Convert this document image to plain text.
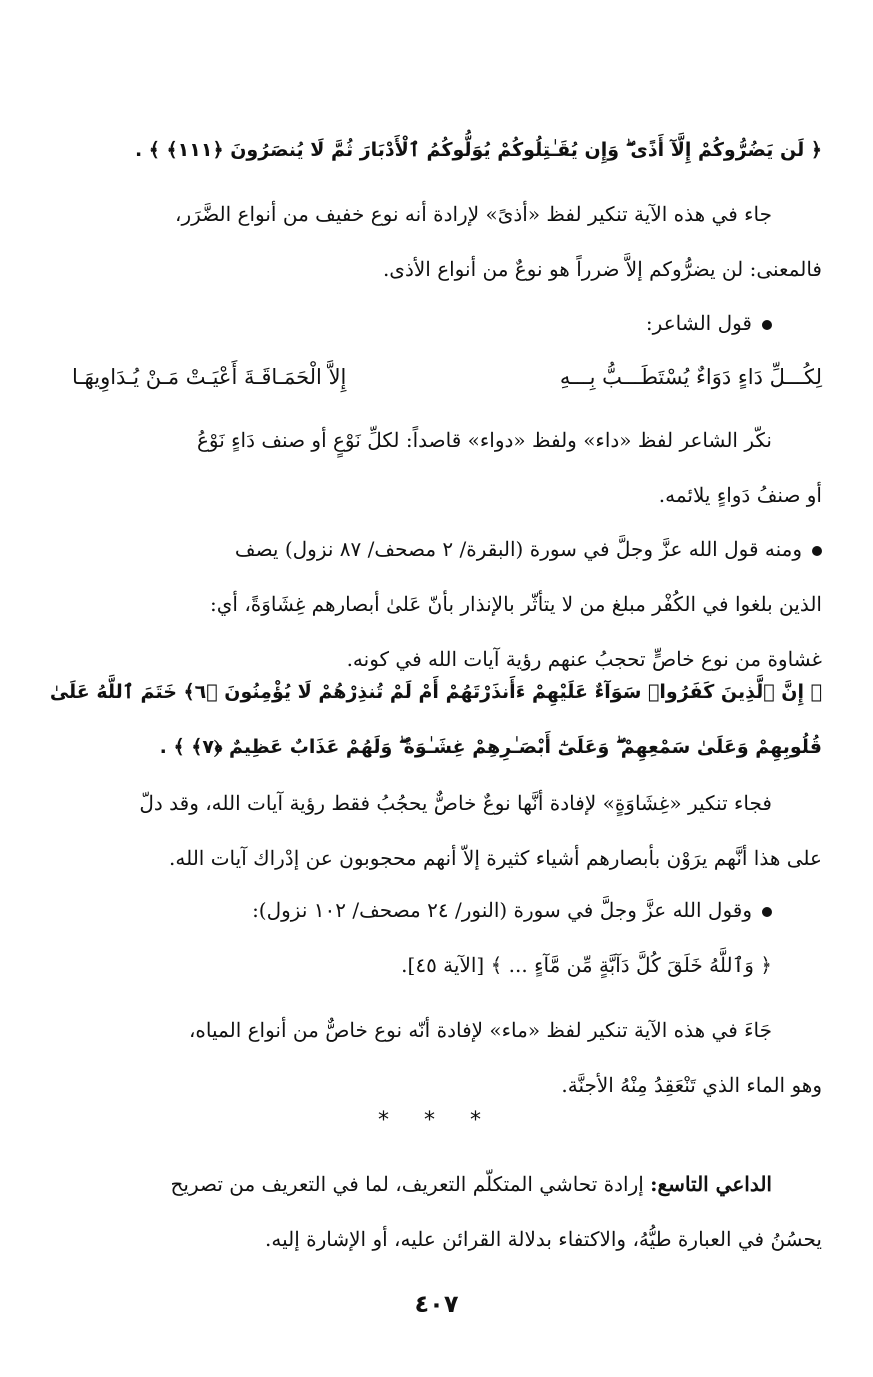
﴿ لَن يَضُرُّوكُمْ إِلَّآ أَذًى ۖ وَإِن يُقَـٰتِلُوكُمْ يُوَلُّوكُمُ ٱلْأَدْبَارَ ثُمَّ لَا يُنصَرُونَ ﴿١١١﴾ ﴾ .
جاء في هذه الآية تنكير لفظ «أذىً» لإرادة أنه نوع خفيف من أنواع الضَّرَر،
فالمعنى: لن يضرُّوكم إلاَّ ضرراً هو نوعٌ من أنواع الأذى.
قول الشاعر:
لِكُـــلِّ دَاءٍ دَوَاءٌ يُسْتَطَـــبُّ بِـــهِ
إِلاَّ الْحَمَـاقَـةَ أَعْيَـتْ مَـنْ يُـدَاوِيهَـا
نكّر الشاعر لفظ «داء» ولفظ «دواء» قاصداً: لكلِّ نَوْعٍ أو صنف دَاءٍ نَوْعُ
أو صنفُ دَواءٍ يلائمه.
ومنه قول الله عزَّ وجلَّ في سورة (البقرة/ ٢ مصحف/ ٨٧ نزول) يصف
الذين بلغوا في الكُفْر مبلغ من لا يتأثّر بالإنذار بأنّ عَلىٰ أبصارهم غِشَاوَةً، أي:
غشاوة من نوع خاصٍّ تحجبُ عنهم رؤية آيات الله في كونه.
﴿ إِنَّ ٱلَّذِينَ كَفَرُوا۟ سَوَآءٌ عَلَيْهِمْ ءَأَنذَرْتَهُمْ أَمْ لَمْ تُنذِرْهُمْ لَا يُؤْمِنُونَ ﴿٦﴾ خَتَمَ ٱللَّهُ عَلَىٰ
قُلُوبِهِمْ وَعَلَىٰ سَمْعِهِمْ ۖ وَعَلَىٰٓ أَبْصَـٰرِهِمْ غِشَـٰوَةٌ ۖ وَلَهُمْ عَذَابٌ عَظِيمٌ ﴿٧﴾ ﴾ .
فجاء تنكير «غِشَاوَةٍ» لإفادة أنَّها نوعٌ خاصٌّ يحجُبُ فقط رؤية آيات الله، وقد دلّ
على هذا أنَّهم يرَوْن بأبصارهم أشياء كثيرة إلاّ أنهم محجوبون عن إدْراك آيات الله.
وقول الله عزَّ وجلَّ في سورة (النور/ ٢٤ مصحف/ ١٠٢ نزول):
﴿ وَٱللَّهُ خَلَقَ كُلَّ دَآبَّةٍ مِّن مَّآءٍ ... ﴾ [الآية ٤٥].
جَاءَ في هذه الآية تنكير لفظ «ماء» لإفادة أنّه نوع خاصٌّ من أنواع المياه،
وهو الماء الذي تَنْعَقِدُ مِنْهُ الأجنَّة.
* * *
الداعي التاسع: إرادة تحاشي المتكلّم التعريف، لما في التعريف من تصريح
يحسُنُ في العبارة طيُّهُ، والاكتفاء بدلالة القرائن عليه، أو الإشارة إليه.
٤٠٧
